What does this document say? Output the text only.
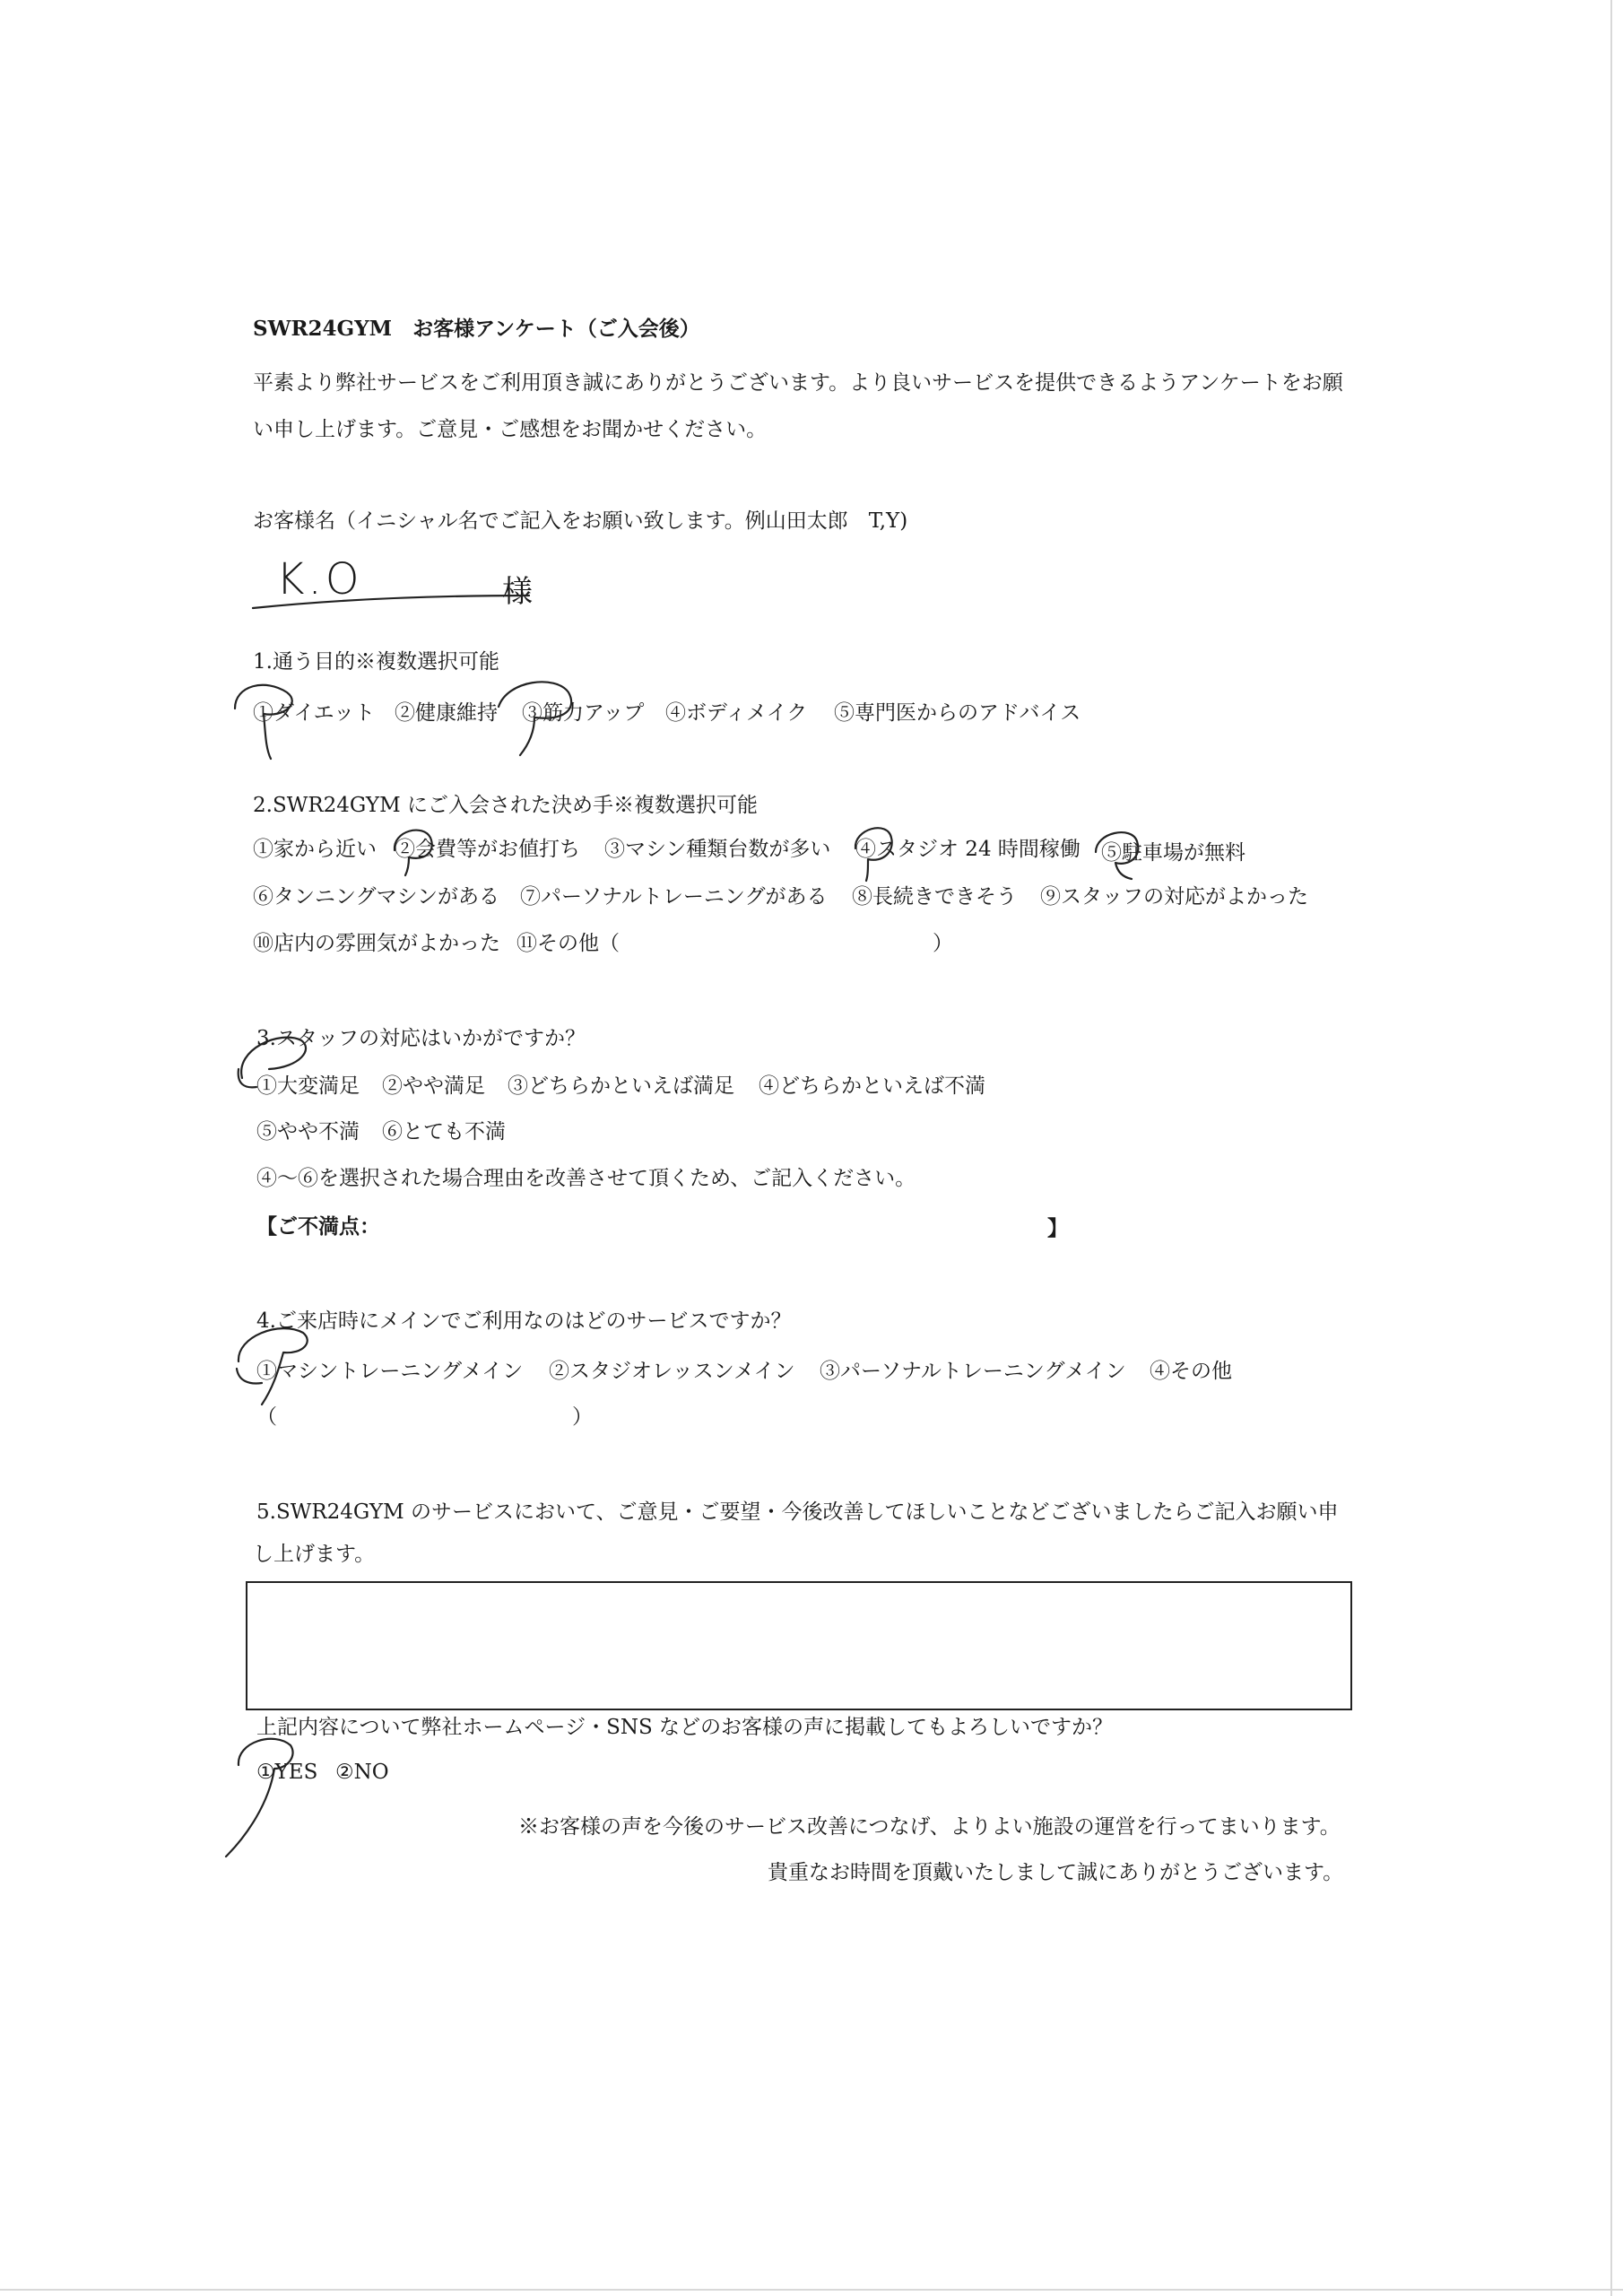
SWR24GYM　お客様アンケート（ご入会後）
平素より弊社サービスをご利用頂き誠にありがとうございます。より良いサービスを提供できるようアンケートをお願
い申し上げます。ご意見・ご感想をお聞かせください。
お客様名（イニシャル名でご記入をお願い致します。例山田太郎　T,Y)
K.O	様
1.通う目的※複数選択可能
①ダイエット ②健康維持 ③筋力アップ ④ボディメイク ⑤専門医からのアドバイス
2.SWR24GYM にご入会された決め手※複数選択可能
①家から近い ②会費等がお値打ち ③マシン種類台数が多い ④スタジオ 24 時間稼働 ⑤駐車場が無料
⑥タンニングマシンがある ⑦パーソナルトレーニングがある ⑧長続きできそう ⑨スタッフの対応がよかった
⑩店内の雰囲気がよかった ⑪その他（	）
3.スタッフの対応はいかがですか？
①大変満足 ②やや満足 ③どちらかといえば満足 ④どちらかといえば不満
⑤やや不満 ⑥とても不満
④～⑥を選択された場合理由を改善させて頂くため、ご記入ください。
【ご不満点：	】
4.ご来店時にメインでご利用なのはどのサービスですか？
①マシントレーニングメイン ②スタジオレッスンメイン ③パーソナルトレーニングメイン ④その他
（	）
5.SWR24GYM のサービスにおいて、ご意見・ご要望・今後改善してほしいことなどございましたらご記入お願い申
し上げます。
上記内容について弊社ホームページ・SNS などのお客様の声に掲載してもよろしいですか？
①YES ②NO
※お客様の声を今後のサービス改善につなげ、よりよい施設の運営を行ってまいります。
貴重なお時間を頂戴いたしまして誠にありがとうございます。
